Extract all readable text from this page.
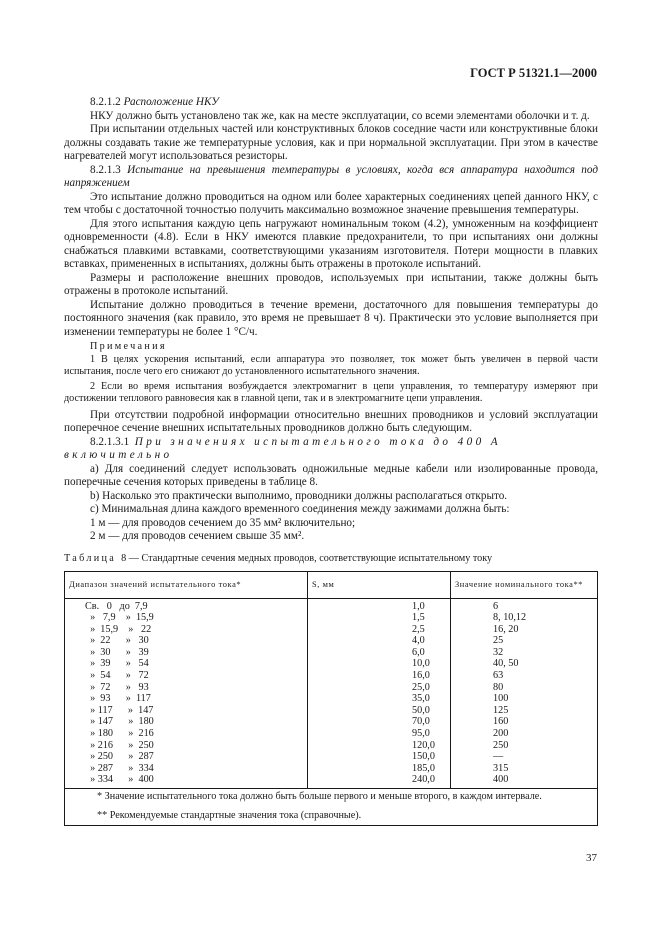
ГОСТ Р 51321.1—2000

8.2.1.2 Расположение НКУ

НКУ должно быть установлено так же, как на месте эксплуатации, со всеми элементами оболочки и т. д.

При испытании отдельных частей или конструктивных блоков соседние части или конструктивные блоки должны создавать такие же температурные условия, как и при нормальной эксплуатации. При этом в качестве нагревателей могут использоваться резисторы.

8.2.1.3 Испытание на превышения температуры в условиях, когда вся аппаратура находится под напряжением

Это испытание должно проводиться на одном или более характерных соединениях цепей данного НКУ, с тем чтобы с достаточной точностью получить максимально возможное значение превышения температуры.

Для этого испытания каждую цепь нагружают номинальным током (4.2), умноженным на коэффициент одновременности (4.8). Если в НКУ имеются плавкие предохранители, то при испытаниях они должны снабжаться плавкими вставками, соответствующими указаниям изготовителя. Потери мощности в плавких вставках, примененных в испытаниях, должны быть отражены в протоколе испытаний.

Размеры и расположение внешних проводов, используемых при испытании, также должны быть отражены в протоколе испытаний.

Испытание должно проводиться в течение времени, достаточного для повышения температуры до постоянного значения (как правило, это время не превышает 8 ч). Практически это условие выполняется при изменении температуры не более 1 °С/ч.

Примечания

1 В целях ускорения испытаний, если аппаратура это позволяет, ток может быть увеличен в первой части испытания, после чего его снижают до установленного испытательного значения.

2 Если во время испытания возбуждается электромагнит в цепи управления, то температуру измеряют при достижении теплового равновесия как в главной цепи, так и в электромагните цепи управления.

При отсутствии подробной информации относительно внешних проводников и условий эксплуатации поперечное сечение внешних испытательных проводников должно быть следующим.

8.2.1.3.1 При значениях испытательного тока до 400 А включительно

а) Для соединений следует использовать одножильные медные кабели или изолированные провода, поперечные сечения которых приведены в таблице 8.

b) Насколько это практически выполнимо, проводники должны располагаться открыто.

с) Минимальная длина каждого временного соединения между зажимами должна быть:

1 м — для проводов сечением до 35 мм² включительно;

2 м — для проводов сечением свыше 35 мм².

Таблица 8 — Стандартные сечения медных проводов, соответствующие испытательному току
Диапазон значений испытательного тока*	S, мм	Значение номинального тока**
Св.   0   до  7,9	1,0	6
»   7,9    »  15,9	1,5	8, 10,12
»  15,9    »   22	2,5	16, 20
»  22      »   30	4,0	25
»  30      »   39	6,0	32
»  39      »   54	10,0	40, 50
»  54      »   72	16,0	63
»  72      »   93	25,0	80
»  93      »  117	35,0	100
» 117      »  147	50,0	125
» 147      »  180	70,0	160
» 180      »  216	95,0	200
» 216      »  250	120,0	250
» 250      »  287	150,0	—
» 287      »  334	185,0	315
» 334      »  400	240,0	400

* Значение испытательного тока должно быть больше первого и меньше второго, в каждом интервале.

** Рекомендуемые стандартные значения тока (справочные).		

37
